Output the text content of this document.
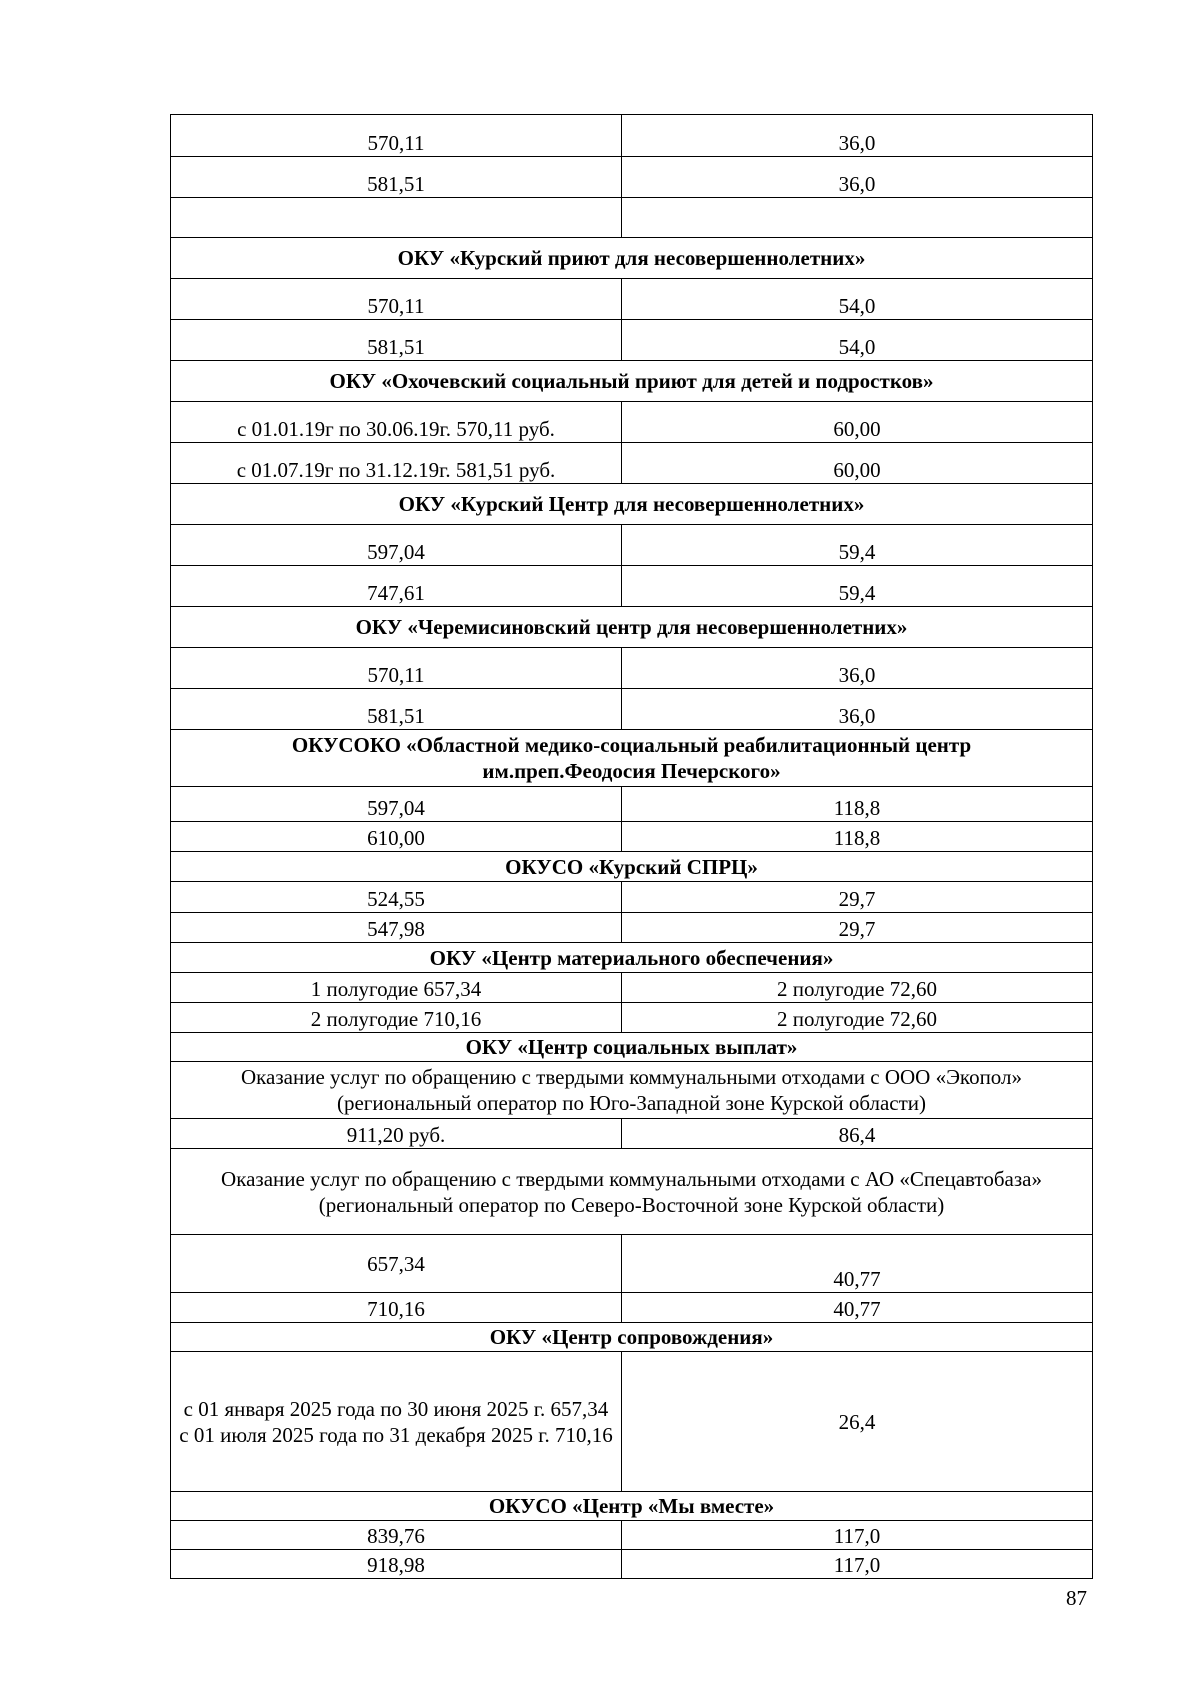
570,11	36,0
581,51	36,0

ОКУ «Курский приют для несовершеннолетних»	
570,11	54,0
581,51	54,0
ОКУ «Охочевский социальный приют для детей и подростков»	
с 01.01.19г по 30.06.19г. 570,11 руб.	60,00
с 01.07.19г по 31.12.19г. 581,51 руб.	60,00
ОКУ «Курский Центр для несовершеннолетних»	
597,04	59,4
747,61	59,4
ОКУ «Черемисиновский центр для несовершеннолетних»	
570,11	36,0
581,51	36,0
ОКУСОКО «Областной медико-социальный реабилитационный центр им.преп.Феодосия Печерского»	
597,04	118,8
610,00	118,8
ОКУСО «Курский СПРЦ»	
524,55	29,7
547,98	29,7
ОКУ «Центр материального обеспечения»	
1 полугодие 657,34	2 полугодие 72,60
2 полугодие 710,16	2 полугодие 72,60
ОКУ «Центр социальных выплат»	
Оказание услуг по обращению с твердыми коммунальными отходами с ООО «Экопол» (региональный оператор по Юго-Западной зоне Курской области)	
911,20 руб.	86,4
Оказание услуг по обращению с твердыми коммунальными отходами с АО «Спецавтобаза» (региональный оператор по Северо-Восточной зоне Курской области)	
657,34	40,77
710,16	40,77
ОКУ «Центр сопровождения»	
с 01 января 2025 года по 30 июня 2025 г. 657,34 с 01 июля 2025 года по 31 декабря 2025 г. 710,16	26,4
ОКУСО «Центр «Мы вместе»	
839,76	117,0
918,98	117,0
87
